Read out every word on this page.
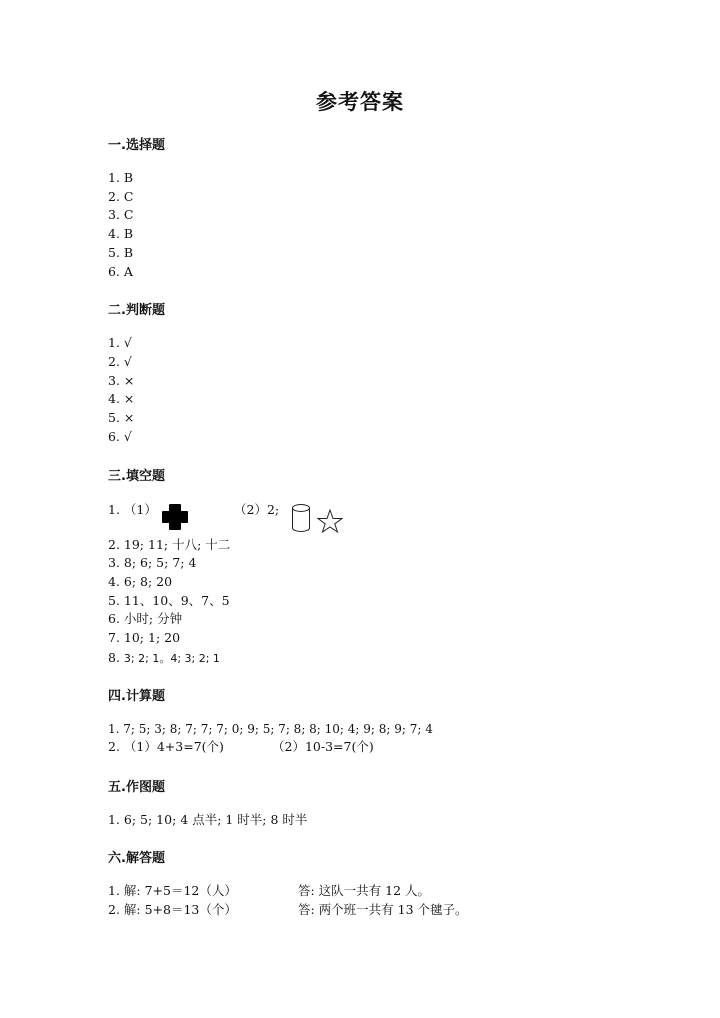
参考答案
一.选择题
1. B
2. C
3. C
4. B
5. B
6. A
二.判断题
1. √
2. √
3. ×
4. ×
5. ×
6. √
三.填空题
1. （1）	（2）2;
2. 19; 11; 十八; 十二
3. 8; 6; 5; 7; 4
4. 6; 8; 20
5. 11、10、9、7、5
6. 小时; 分钟
7. 10; 1; 20
8. 3; 2; 1。4; 3; 2; 1
四.计算题
1. 7; 5; 3; 8; 7; 7; 7; 0; 9; 5; 7; 8; 8; 10; 4; 9; 8; 9; 7; 4
2. （1）4+3=7(个)	（2）10-3=7(个)
五.作图题
1. 6; 5; 10; 4 点半; 1 时半; 8 时半
六.解答题
1. 解: 7+5＝12（人）	答: 这队一共有 12 人。
2. 解: 5+8＝13（个）	答: 两个班一共有 13 个毽子。
